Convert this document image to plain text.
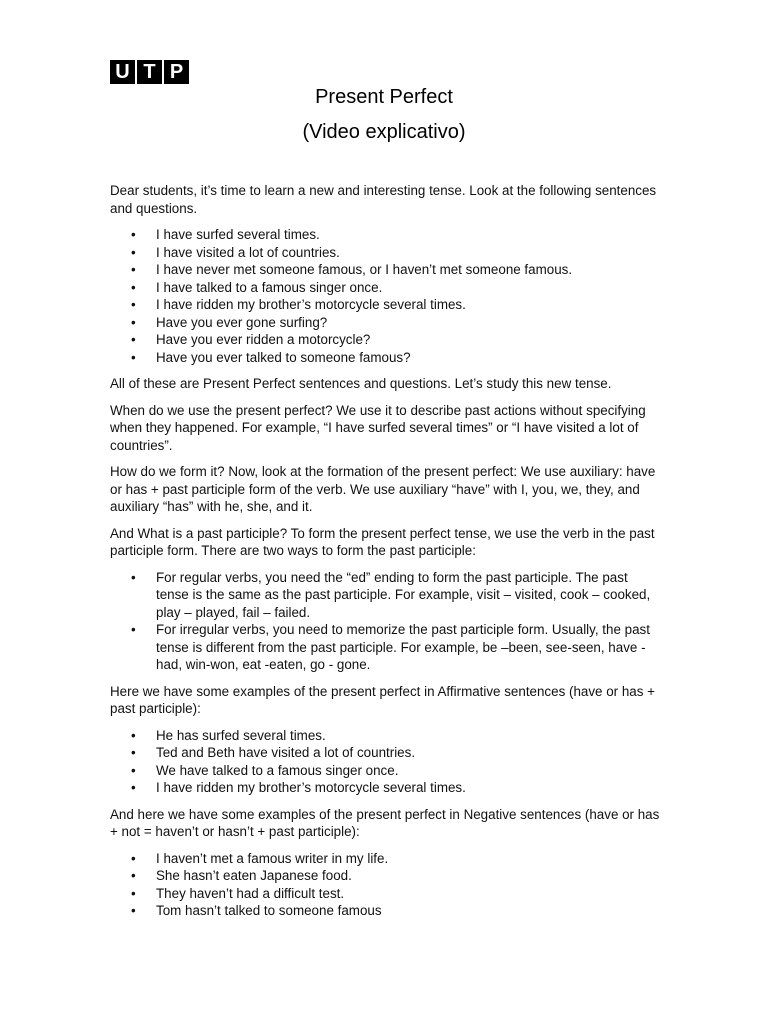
U T P
Present Perfect
(Video explicativo)

Dear students, it’s time to learn a new and interesting tense. Look at the following sentences and questions.

• I have surfed several times.
• I have visited a lot of countries.
• I have never met someone famous, or I haven’t met someone famous.
• I have talked to a famous singer once.
• I have ridden my brother’s motorcycle several times.
• Have you ever gone surfing?
• Have you ever ridden a motorcycle?
• Have you ever talked to someone famous?

All of these are Present Perfect sentences and questions. Let’s study this new tense.

When do we use the present perfect? We use it to describe past actions without specifying when they happened. For example, “I have surfed several times” or “I have visited a lot of countries”.

How do we form it? Now, look at the formation of the present perfect: We use auxiliary: have or has + past participle form of the verb. We use auxiliary “have” with I, you, we, they, and auxiliary “has” with he, she, and it.

And What is a past participle? To form the present perfect tense, we use the verb in the past participle form. There are two ways to form the past participle:

• For regular verbs, you need the “ed” ending to form the past participle. The past tense is the same as the past participle. For example, visit – visited, cook – cooked, play – played, fail – failed.
• For irregular verbs, you need to memorize the past participle form. Usually, the past tense is different from the past participle. For example, be –been, see-seen, have - had, win-won, eat -eaten, go - gone.

Here we have some examples of the present perfect in Affirmative sentences (have or has + past participle):

• He has surfed several times.
• Ted and Beth have visited a lot of countries.
• We have talked to a famous singer once.
• I have ridden my brother’s motorcycle several times.

And here we have some examples of the present perfect in Negative sentences (have or has + not = haven’t or hasn’t + past participle):

• I haven’t met a famous writer in my life.
• She hasn’t eaten Japanese food.
• They haven’t had a difficult test.
• Tom hasn’t talked to someone famous
